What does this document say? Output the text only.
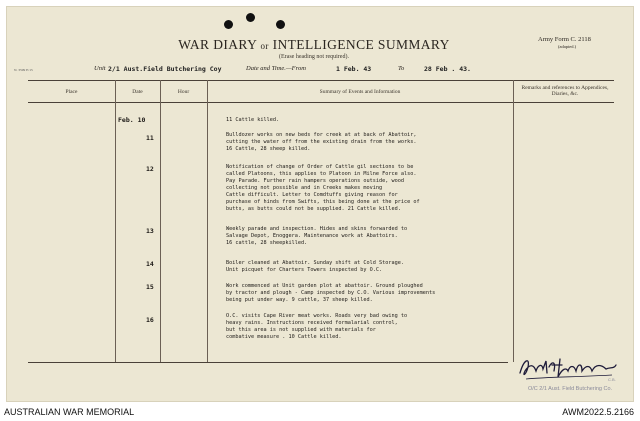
WAR DIARY or INTELLIGENCE SUMMARY
(Erase heading not required).
Army Form C. 2118
(adapted.)
N. 3599 E/15	Unit 2/1 Aust.Field Butchering Coy	Date and Time.—From	1 Feb. 43	To	28 Feb . 43.
Place	Date	Hour	Summary of Events and Information
Remarks and references to Appendices, Diaries, &c.
Feb. 10	11 Cattle killed.
11	Bulldozer works on new beds for creek at at back of Abattoir,
cutting the water off from the existing drain from the works.
16 Cattle, 28 sheep killed.
12	Notification of change of Order of Cattle gil sections to be
called Platoons, this applies to Platoon in Milne Force also.
Pay Parade. Further rain hampers operations outside, wood
collecting not possible and in Creeks makes moving
Cattle difficult. Letter to Comdtuffs giving reason for
purchase of hinds from Swifts, this being done at the price of
butts, as butts could not be supplied. 21 Cattle killed.
13	Weekly parade and inspection. Hides and skins forwarded to
Salvage Depot, Enoggera. Maintenance work at Abattoirs.
16 cattle, 28 sheepkilled.
14	Boiler cleaned at Abattoir. Sunday shift at Cold Storage.
Unit picquet for Charters Towers inspected by O.C.
15	Work commenced at Unit garden plot at abattoir. Ground ploughed
by tractor and plough - Camp inspected by C.O. Various improvements
being put under way. 9 cattle, 37 sheep killed.
16	O.C. visits Cape River meat works. Roads very bad owing to
heavy rains. Instructions received formalarial control,
but this area is not supplied with materials for
combative measure . 10 Cattle killed.
C.B.
O/C 2/1 Aust. Field Butchering Co.
AUSTRALIAN WAR MEMORIAL	AWM2022.5.2166
